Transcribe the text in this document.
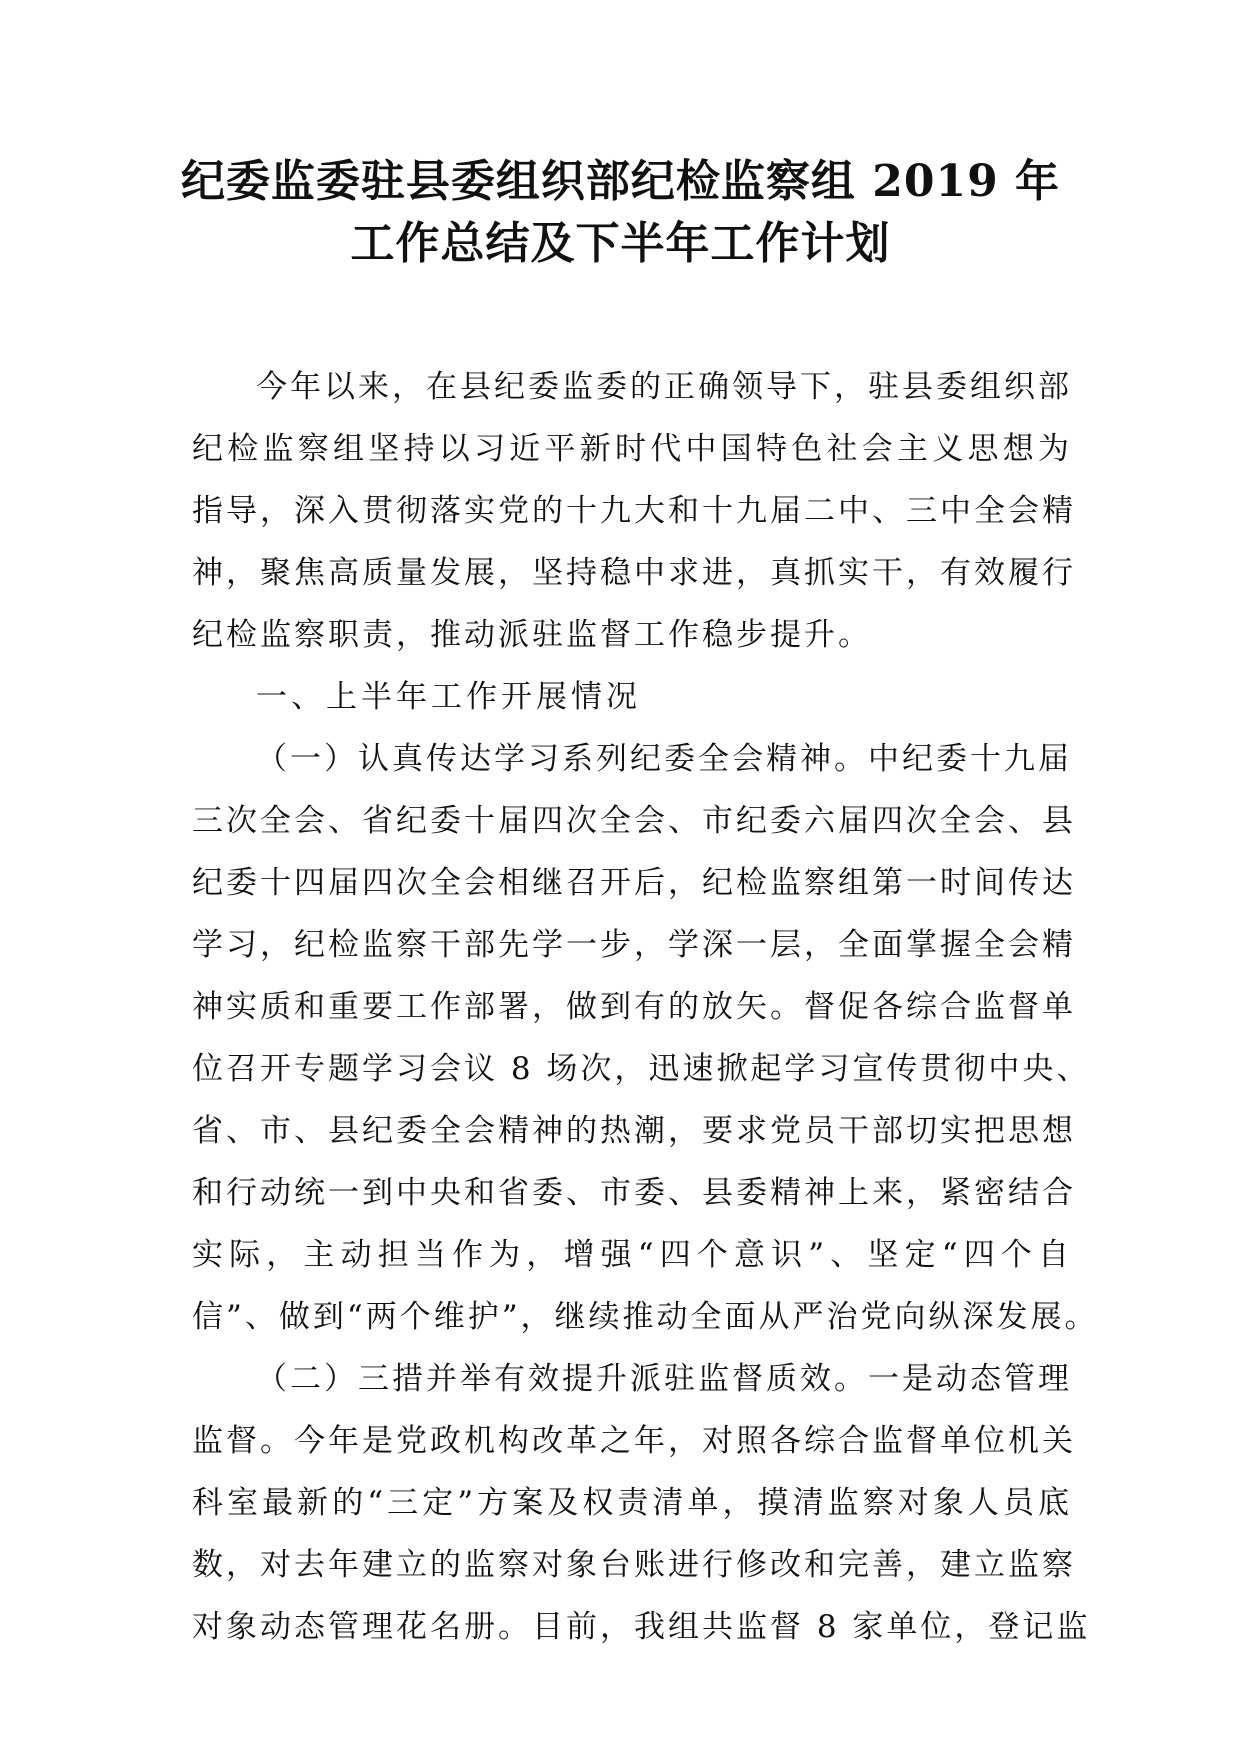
纪委监委驻县委组织部纪检监察组 2019 年
工作总结及下半年工作计划
今年以来，在县纪委监委的正确领导下，驻县委组织部
纪检监察组坚持以习近平新时代中国特色社会主义思想为
指导，深入贯彻落实党的十九大和十九届二中、三中全会精
神，聚焦高质量发展，坚持稳中求进，真抓实干，有效履行
纪检监察职责，推动派驻监督工作稳步提升。
一、上半年工作开展情况
（一）认真传达学习系列纪委全会精神。中纪委十九届
三次全会、省纪委十届四次全会、市纪委六届四次全会、县
纪委十四届四次全会相继召开后，纪检监察组第一时间传达
学习，纪检监察干部先学一步，学深一层，全面掌握全会精
神实质和重要工作部署，做到有的放矢。督促各综合监督单
位召开专题学习会议 8 场次，迅速掀起学习宣传贯彻中央、
省、市、县纪委全会精神的热潮，要求党员干部切实把思想
和行动统一到中央和省委、市委、县委精神上来，紧密结合
实际，主动担当作为，增强“四个意识”、坚定“四个自
信”、做到“两个维护”，继续推动全面从严治党向纵深发展。
（二）三措并举有效提升派驻监督质效。一是动态管理
监督。今年是党政机构改革之年，对照各综合监督单位机关
科室最新的“三定”方案及权责清单，摸清监察对象人员底
数，对去年建立的监察对象台账进行修改和完善，建立监察
对象动态管理花名册。目前，我组共监督 8 家单位，登记监
